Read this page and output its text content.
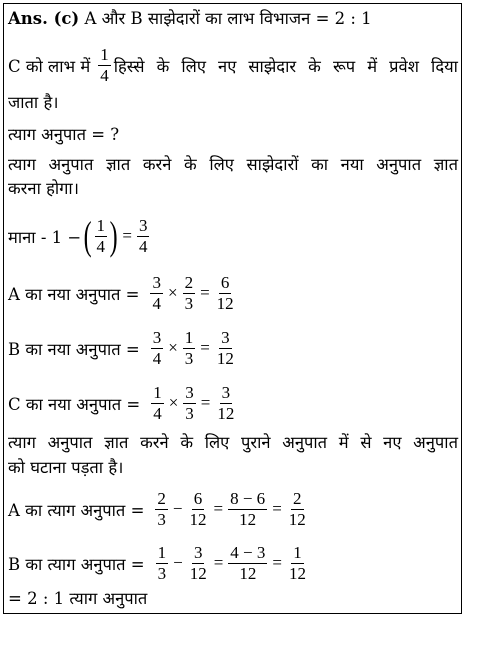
Ans. (c) A और B साझेदारों का लाभ विभाजन = 2 : 1
C को लाभ में $\frac{1}{4}$ हिस्से के लिए नए साझेदार के रूप में प्रवेश दिया
जाता है।
त्याग अनुपात = ?
त्याग अनुपात ज्ञात करने के लिए साझेदारों का नया अनुपात ज्ञात
करना होगा।
माना - 1 − ( $\frac{1}{4}$ ) = $\frac{3}{4}$
A का नया अनुपात = $\frac{3}{4} \times \frac{2}{3} = \frac{6}{12}$
B का नया अनुपात = $\frac{3}{4} \times \frac{1}{3} = \frac{3}{12}$
C का नया अनुपात = $\frac{1}{4} \times \frac{3}{3} = \frac{3}{12}$
त्याग अनुपात ज्ञात करने के लिए पुराने अनुपात में से नए अनुपात
को घटाना पड़ता है।
A का त्याग अनुपात = $\frac{2}{3} - \frac{6}{12} = \frac{8 - 6}{12} = \frac{2}{12}$
B का त्याग अनुपात = $\frac{1}{3} - \frac{3}{12} = \frac{4 - 3}{12} = \frac{1}{12}$
= 2 : 1 त्याग अनुपात
